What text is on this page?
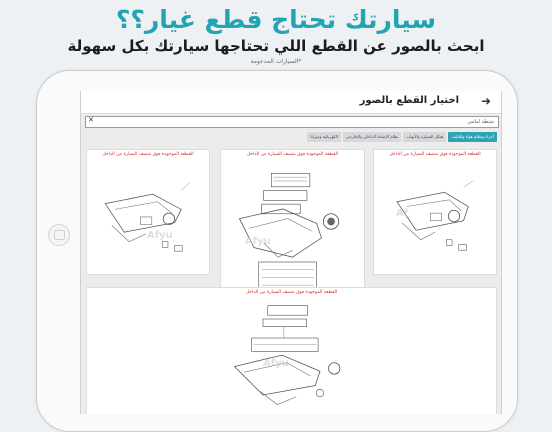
سيارتك تحتاج قطع غيار؟؟
ابحث بالصور عن القطع اللي تحتاجها سيارتك بكل سهولة
*السيارات المدعومة
➜
اختيار القطع بالصور
شنطة أمامي
✕
أجزاء ونظام هواء والتكيف
هيكل السيارة والأبواب
نظام الإضاءة الداخلي والخارجي
الكهربائية وميرايا
القطعة الموجودة فوق متصف السيارة من الداخل
Af
القطعة الموجودة فوق متصف السيارة من الداخل
Afyu
القطعة الموجودة فوق متصف السيارة من الداخل
Afyu
القطعة الموجودة فوق متصف السيارة من الداخل
Afyu
